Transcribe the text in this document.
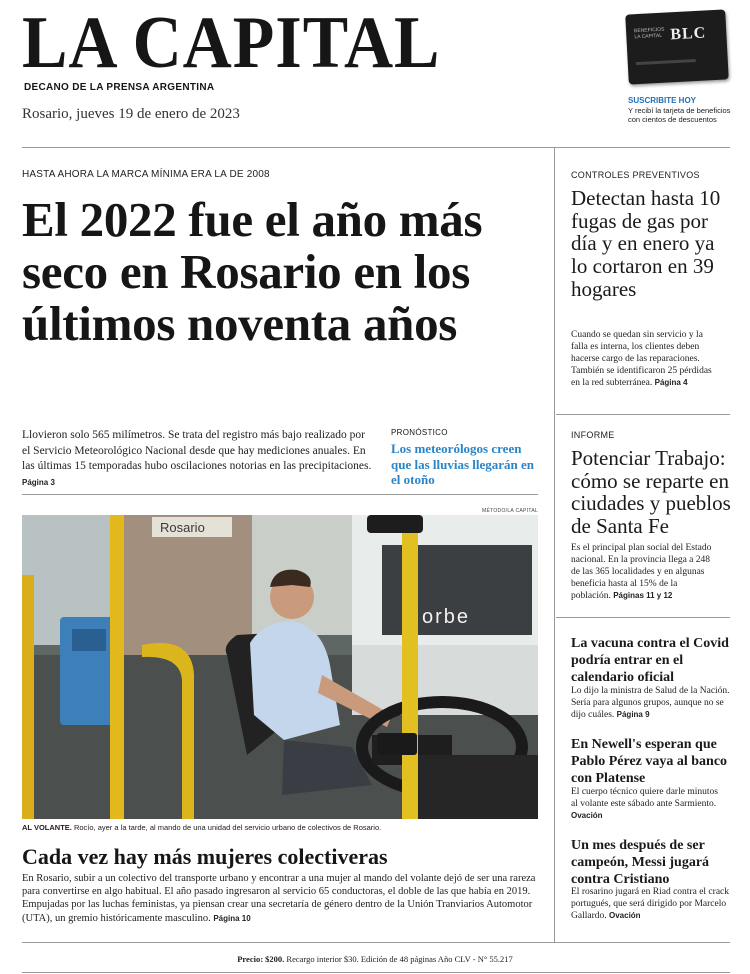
LA CAPITAL
DECANO DE LA PRENSA ARGENTINA
Rosario, jueves 19 de enero de 2023
BENEFICIOS
LA CAPITAL BLC
SUSCRIBITE HOY
Y recibí la tarjeta de beneficios con cientos de descuentos
HASTA AHORA LA MARCA MÍNIMA ERA LA DE 2008
El 2022 fue el año más seco en Rosario en los últimos noventa años
Llovieron solo 565 milímetros. Se trata del registro más bajo realizado por el Servicio Meteorológico Nacional desde que hay mediciones anuales. En las últimas 15 temporadas hubo oscilaciones notorias en las precipitaciones. Página 3
PRONÓSTICO
Los meteorólogos creen que las lluvias llegarán en el otoño
MÉTODO/LA CAPITAL
orbe
Rosario
AL VOLANTE. Rocío, ayer a la tarde, al mando de una unidad del servicio urbano de colectivos de Rosario.
Cada vez hay más mujeres colectiveras
En Rosario, subir a un colectivo del transporte urbano y encontrar a una mujer al mando del volante dejó de ser una rareza para convertirse en algo habitual. El año pasado ingresaron al servicio 65 conductoras, el doble de las que había en 2019. Empujadas por las luchas feministas, ya piensan crear una secretaría de género dentro de la Unión Tranviarios Automotor (UTA), un gremio históricamente masculino. Página 10
CONTROLES PREVENTIVOS
Detectan hasta 10 fugas de gas por día y en enero ya lo cortaron en 39 hogares
Cuando se quedan sin servicio y la falla es interna, los clientes deben hacerse cargo de las reparaciones. También se identificaron 25 pérdidas en la red subterránea. Página 4
INFORME
Potenciar Trabajo: cómo se reparte en ciudades y pueblos de Santa Fe
Es el principal plan social del Estado nacional. En la provincia llega a 248 de las 365 localidades y en algunas beneficia hasta al 15% de la población. Páginas 11 y 12
La vacuna contra el Covid podría entrar en el calendario oficial
Lo dijo la ministra de Salud de la Nación. Sería para algunos grupos, aunque no se dijo cuáles. Página 9
En Newell's esperan que Pablo Pérez vaya al banco con Platense
El cuerpo técnico quiere darle minutos al volante este sábado ante Sarmiento. Ovación
Un mes después de ser campeón, Messi jugará contra Cristiano
El rosarino jugará en Riad contra el crack portugués, que será dirigido por Marcelo Gallardo. Ovación
Precio: $200. Recargo interior $30. Edición de 48 páginas Año CLV - N° 55.217
